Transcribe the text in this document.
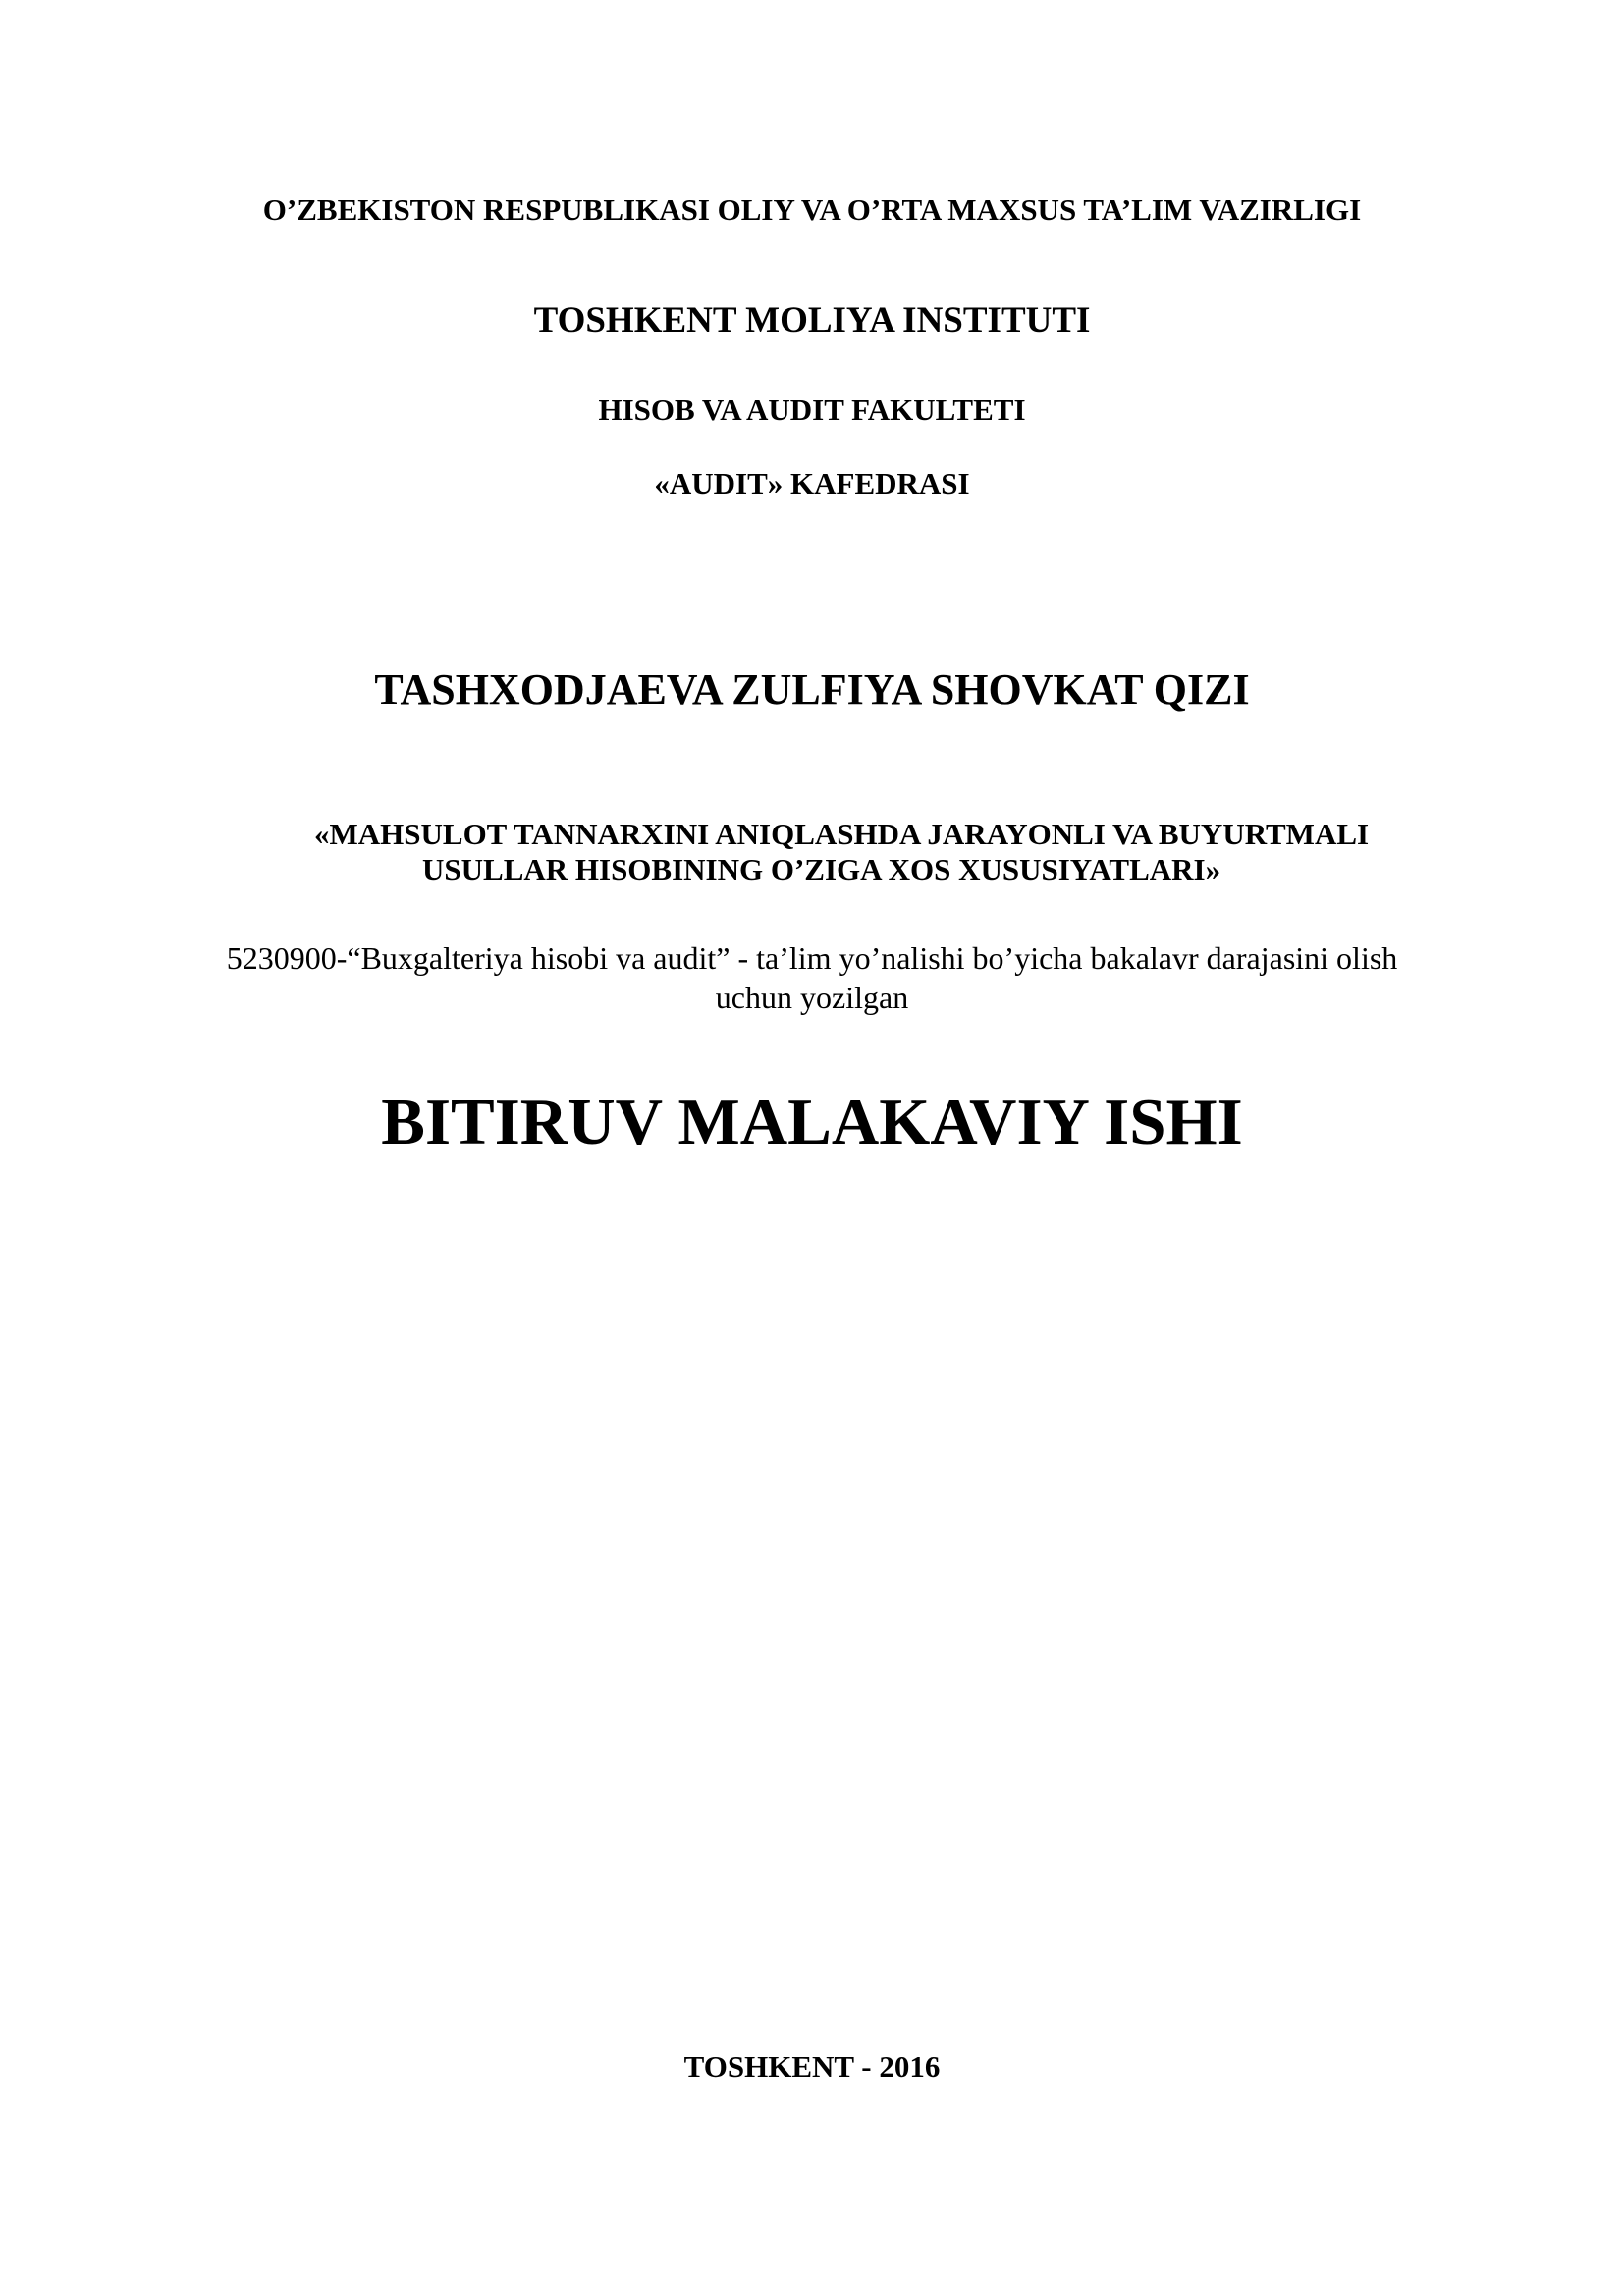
O’ZBEKISTON RESPUBLIKASI OLIY VA O’RTA MAXSUS TA’LIM VAZIRLIGI

TOSHKENT MOLIYA INSTITUTI

HISOB VA AUDIT FAKULTETI

«AUDIT» KAFEDRASI

TASHXODJAEVA ZULFIYA SHOVKAT QIZI

«MAHSULOT TANNARXINI ANIQLASHDA JARAYONLI VA BUYURTMALI
USULLAR HISOBINING O’ZIGA XOS XUSUSIYATLARI»

5230900-“Buxgalteriya hisobi va audit” - ta’lim yo’nalishi bo’yicha bakalavr darajasini olish

uchun yozilgan

BITIRUV MALAKAVIY ISHI

TOSHKENT - 2016
